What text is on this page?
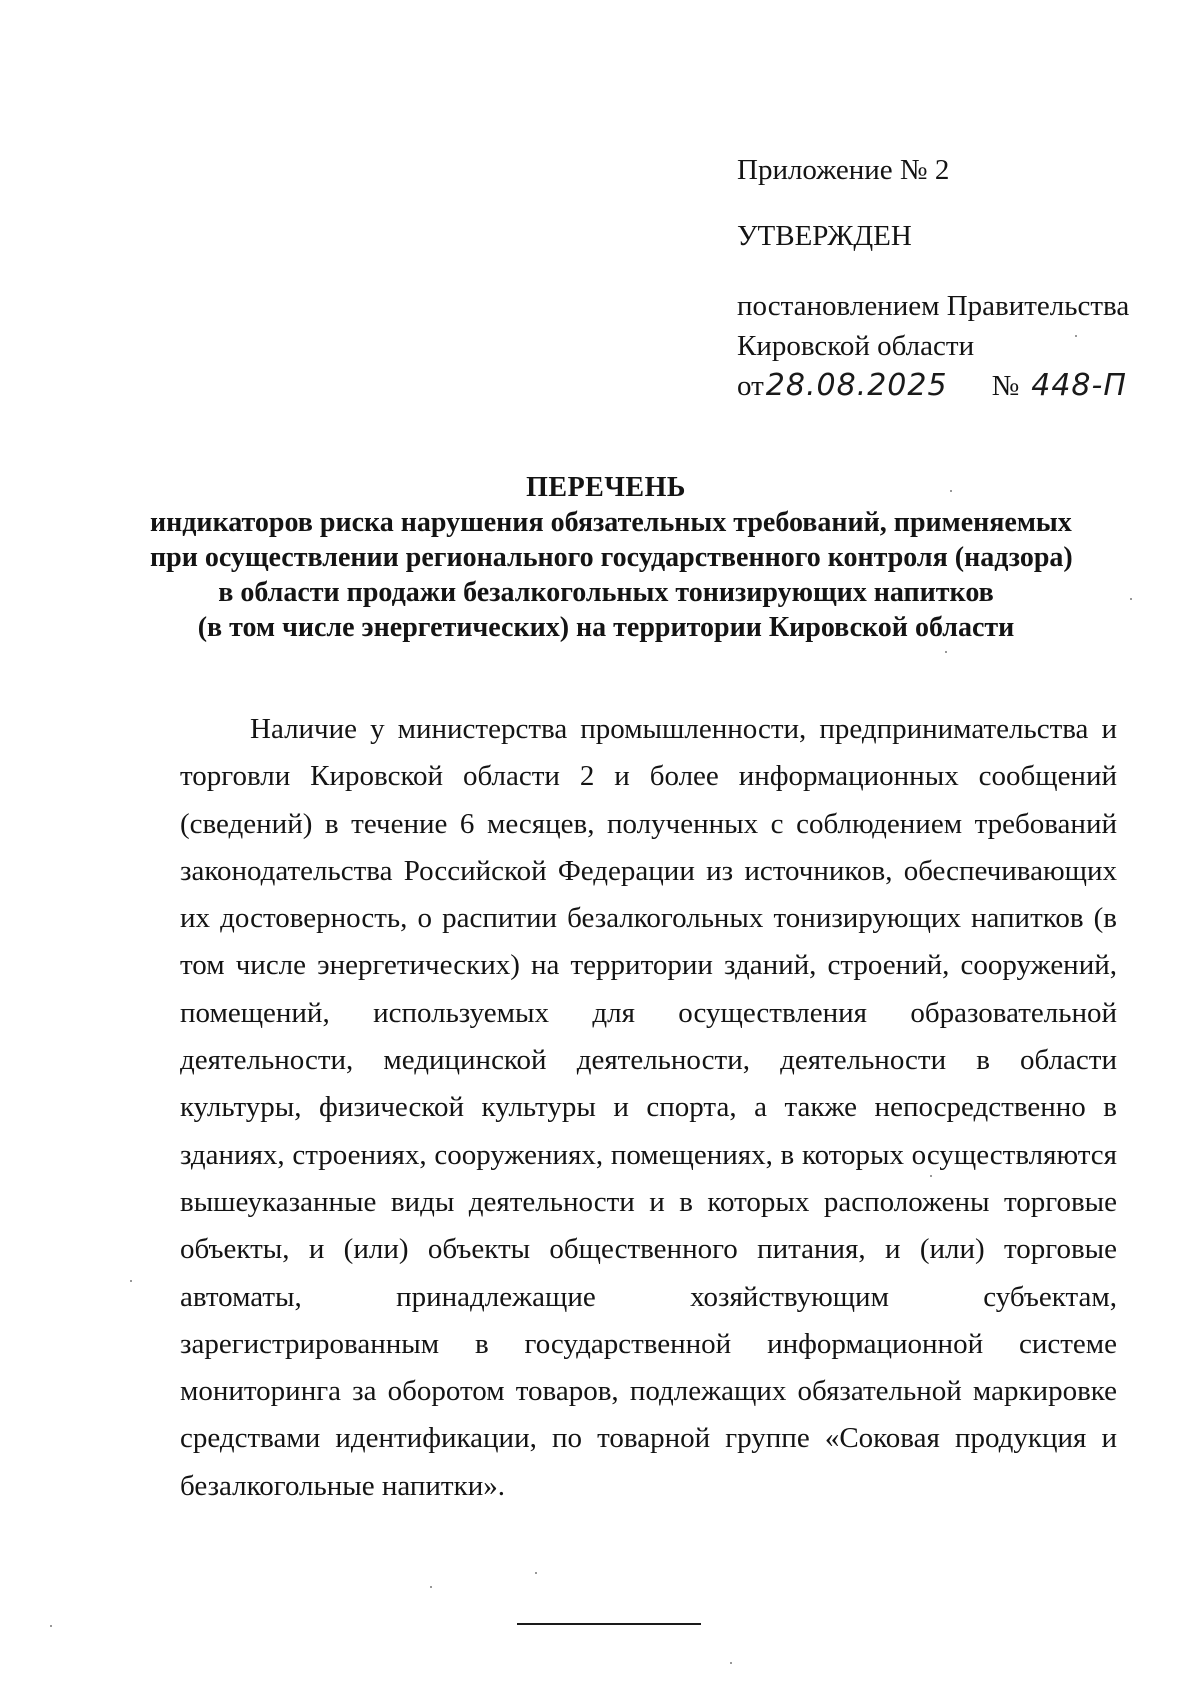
Приложение № 2
УТВЕРЖДЕН
постановлением Правительства
Кировской области
от 28.08.2025 № 448-П
ПЕРЕЧЕНЬ
индикаторов риска нарушения обязательных требований, применяемых
при осуществлении регионального государственного контроля (надзора)
в области продажи безалкогольных тонизирующих напитков
(в том числе энергетических) на территории Кировской области

Наличие у министерства промышленности, предпринимательства и торговли Кировской области 2 и более информационных сообщений (сведений) в течение 6 месяцев, полученных с соблюдением требований законодательства Российской Федерации из источников, обеспечивающих их достоверность, о распитии безалкогольных тонизирующих напитков (в том числе энергетических) на территории зданий, строений, сооружений, помещений, используемых для осуществления образовательной деятельности, медицинской деятельности, деятельности в области культуры, физической культуры и спорта, а также непосредственно в зданиях, строениях, сооружениях, помещениях, в которых осуществляются вышеуказанные виды деятельности и в которых расположены торговые объекты, и (или) объекты общественного питания, и (или) торговые автоматы, принадлежащие хозяйствующим субъектам, зарегистрированным в государственной информационной системе мониторинга за оборотом товаров, подлежащих обязательной маркировке средствами идентификации, по товарной группе «Соковая продукция и безалкогольные напитки».
